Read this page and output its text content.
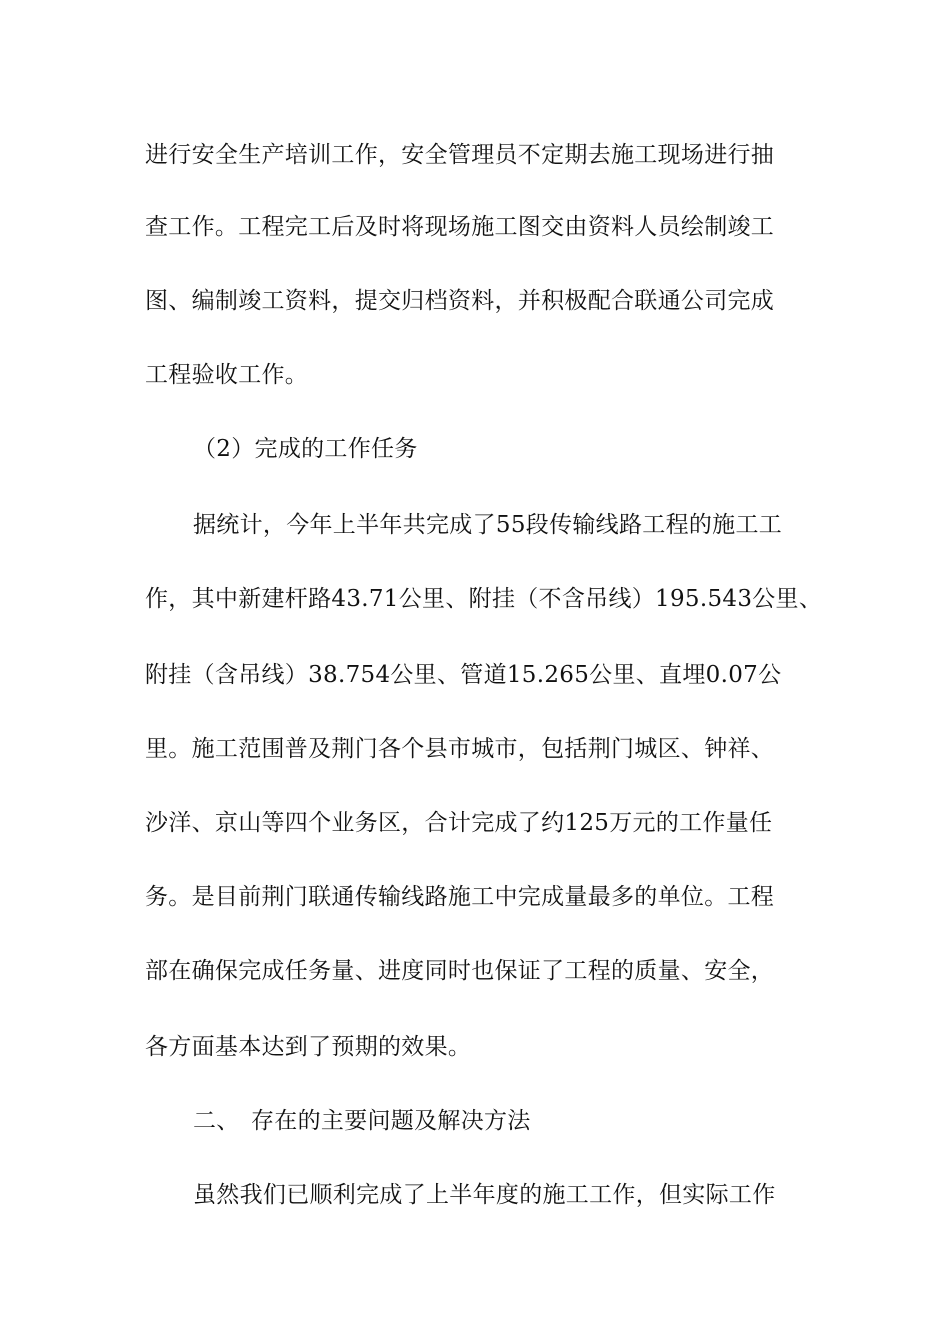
进行安全生产培训工作，安全管理员不定期去施工现场进行抽
查工作。工程完工后及时将现场施工图交由资料人员绘制竣工
图、编制竣工资料，提交归档资料，并积极配合联通公司完成
工程验收工作。
（2）完成的工作任务
据统计，今年上半年共完成了55段传输线路工程的施工工
作，其中新建杆路43.71公里、附挂（不含吊线）195.543公里、
附挂（含吊线）38.754公里、管道15.265公里、直埋0.07公
里。施工范围普及荆门各个县市城市，包括荆门城区、钟祥、
沙洋、京山等四个业务区，合计完成了约125万元的工作量任
务。是目前荆门联通传输线路施工中完成量最多的单位。工程
部在确保完成任务量、进度同时也保证了工程的质量、安全，
各方面基本达到了预期的效果。
二、 存在的主要问题及解决方法
虽然我们已顺利完成了上半年度的施工工作，但实际工作
